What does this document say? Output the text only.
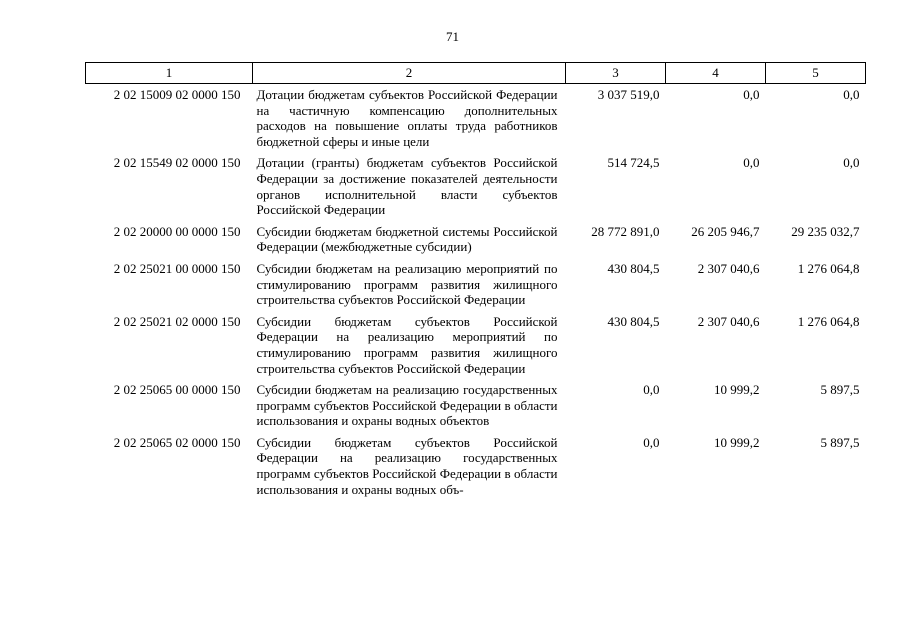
71
1	2	3	4	5
2 02 15009 02 0000 150	Дотации бюджетам субъектов Российской Федерации на частичную компенсацию дополнительных расходов на повышение оплаты труда работников бюджетной сферы и иные цели	3 037 519,0	0,0	0,0
2 02 15549 02 0000 150	Дотации (гранты) бюджетам субъектов Российской Федерации за достижение показателей деятельности органов исполнительной власти субъектов Российской Федерации	514 724,5	0,0	0,0
2 02 20000 00 0000 150	Субсидии бюджетам бюджетной системы Российской Федерации (межбюджетные субсидии)	28 772 891,0	26 205 946,7	29 235 032,7
2 02 25021 00 0000 150	Субсидии бюджетам на реализацию мероприятий по стимулированию программ развития жилищного строительства субъектов Российской Федерации	430 804,5	2 307 040,6	1 276 064,8
2 02 25021 02 0000 150	Субсидии бюджетам субъектов Российской Федерации на реализацию мероприятий по стимулированию программ развития жилищного строительства субъектов Российской Федерации	430 804,5	2 307 040,6	1 276 064,8
2 02 25065 00 0000 150	Субсидии бюджетам на реализацию государственных программ субъектов Российской Федерации в области использования и охраны водных объектов	0,0	10 999,2	5 897,5
2 02 25065 02 0000 150	Субсидии бюджетам субъектов Российской Федерации на реализацию государственных программ субъектов Российской Федерации в области использования и охраны водных объ-	0,0	10 999,2	5 897,5
